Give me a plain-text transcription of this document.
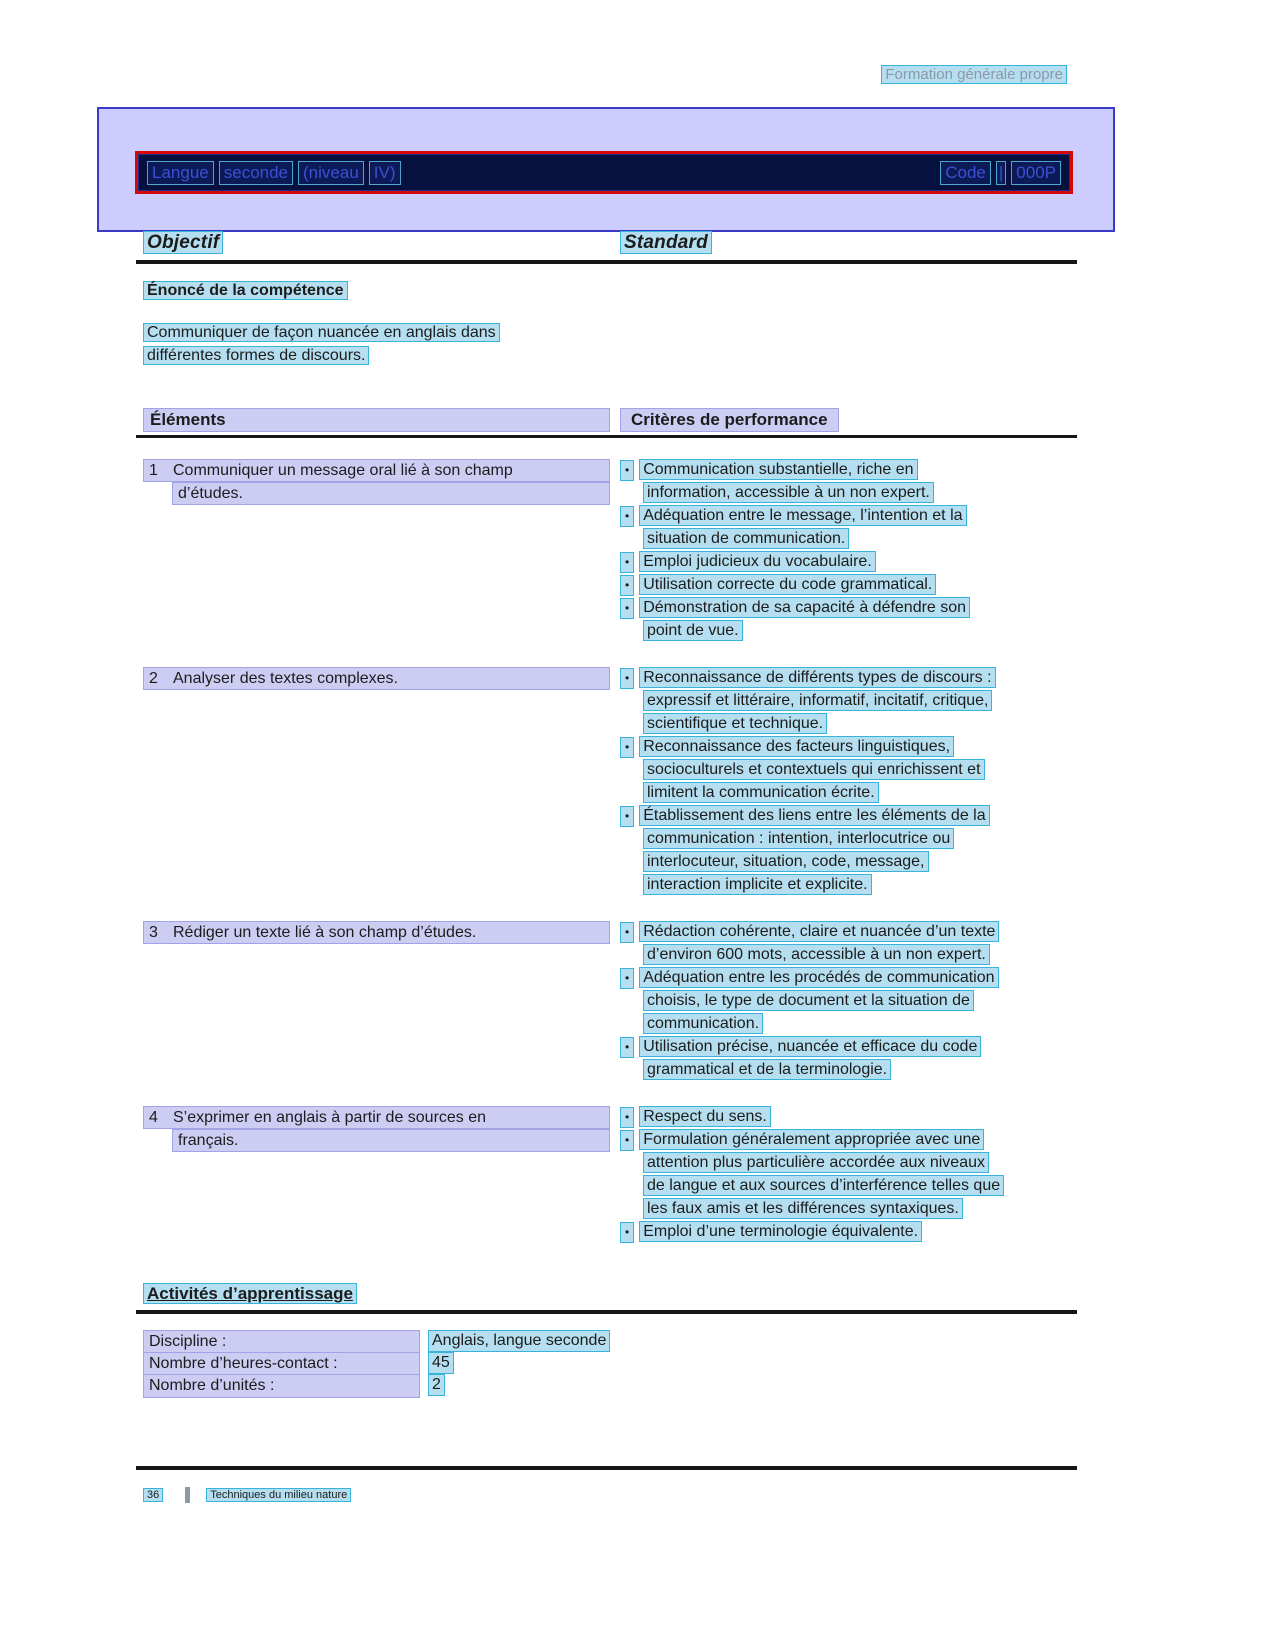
Formation générale propre
Langue seconde (niveau IV)	Code | 000P
Objectif	Standard
Énoncé de la compétence
Communiquer de façon nuancée en anglais dans
différentes formes de discours.
Éléments	Critères de performance
1 Communiquer un message oral lié à son champ
d’études.
• Communication substantielle, riche en
information, accessible à un non expert.
• Adéquation entre le message, l’intention et la
situation de communication.
• Emploi judicieux du vocabulaire.
• Utilisation correcte du code grammatical.
• Démonstration de sa capacité à défendre son
point de vue.
2 Analyser des textes complexes.	• Reconnaissance de différents types de discours :
expressif et littéraire, informatif, incitatif, critique,
scientifique et technique.
• Reconnaissance des facteurs linguistiques,
socioculturels et contextuels qui enrichissent et
limitent la communication écrite.
• Établissement des liens entre les éléments de la
communication : intention, interlocutrice ou
interlocuteur, situation, code, message,
interaction implicite et explicite.
3 Rédiger un texte lié à son champ d’études.	• Rédaction cohérente, claire et nuancée d’un texte
d’environ 600 mots, accessible à un non expert.
• Adéquation entre les procédés de communication
choisis, le type de document et la situation de
communication.
• Utilisation précise, nuancée et efficace du code
grammatical et de la terminologie.
4 S’exprimer en anglais à partir de sources en
français.
• Respect du sens.
• Formulation généralement appropriée avec une
attention plus particulière accordée aux niveaux
de langue et aux sources d’interférence telles que
les faux amis et les différences syntaxiques.
• Emploi d’une terminologie équivalente.
Activités d’apprentissage
Discipline :	Anglais, langue seconde
Nombre d’heures-contact :	45
Nombre d’unités :	2
36	Techniques du milieu nature
